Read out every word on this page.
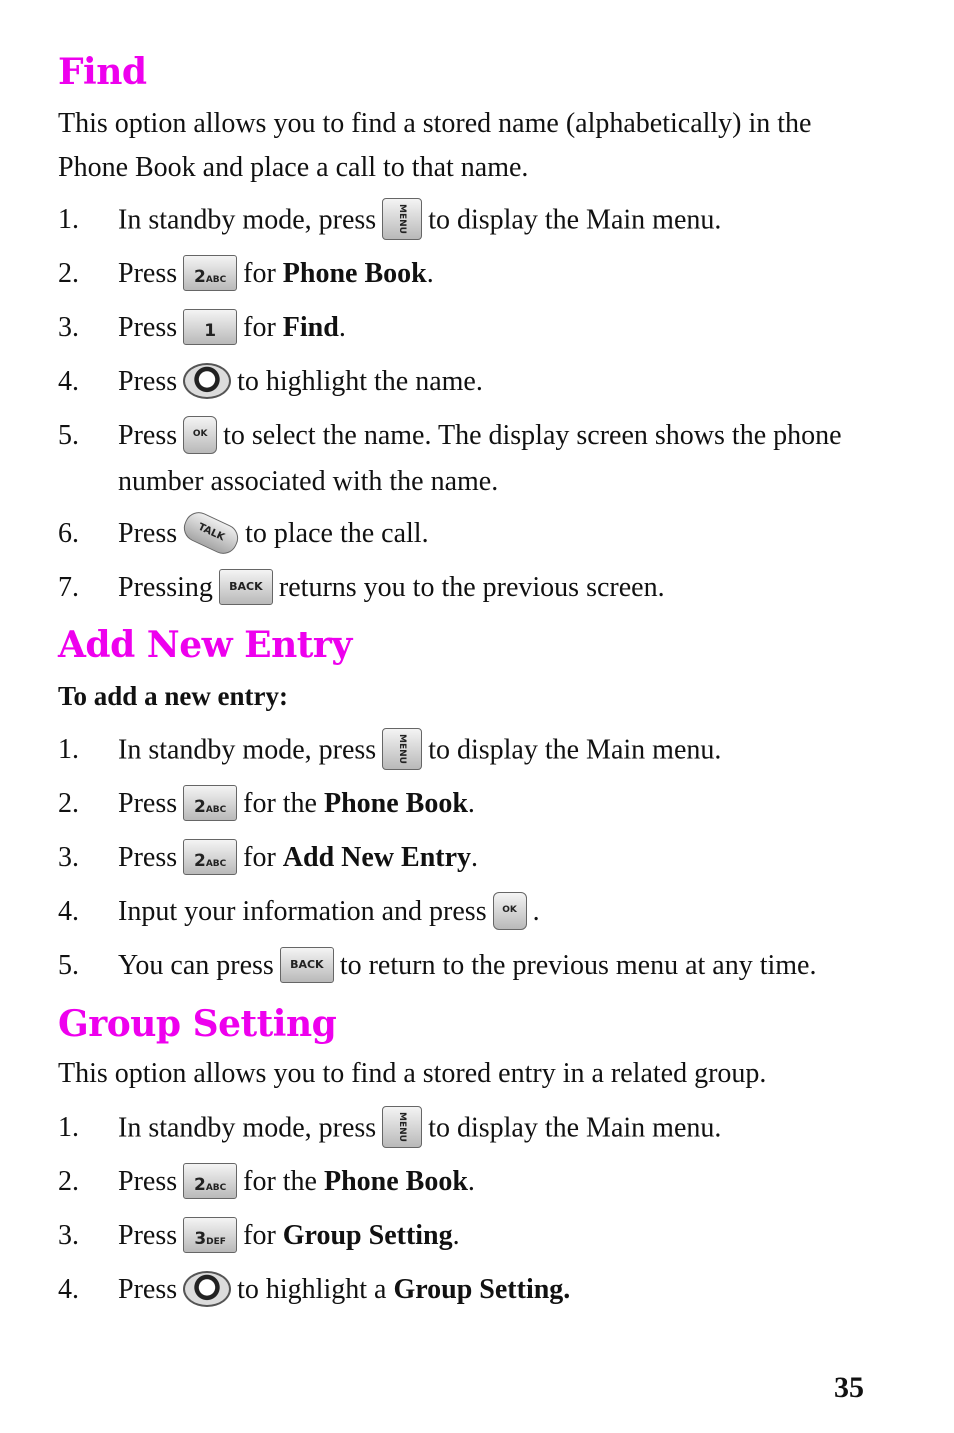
Find

This option allows you to find a stored name (alphabetically) in the Phone Book and place a call to that name.

1. In standby mode, press MENU to display the Main menu.
2. Press 2ABC for Phone Book.
3. Press 1 for Find.
4. Press to highlight the name.
5. Press OK to select the name. The display screen shows the phone number associated with the name.
6. Press TALK to place the call.
7. Pressing BACK returns you to the previous screen.
Add New Entry

To add a new entry:

1. In standby mode, press MENU to display the Main menu.
2. Press 2ABC for the Phone Book.
3. Press 2ABC for Add New Entry.
4. Input your information and press OK .
5. You can press BACK to return to the previous menu at any time.
Group Setting

This option allows you to find a stored entry in a related group.

1. In standby mode, press MENU to display the Main menu.
2. Press 2ABC for the Phone Book.
3. Press 3DEF for Group Setting.
4. Press to highlight a Group Setting.

35
